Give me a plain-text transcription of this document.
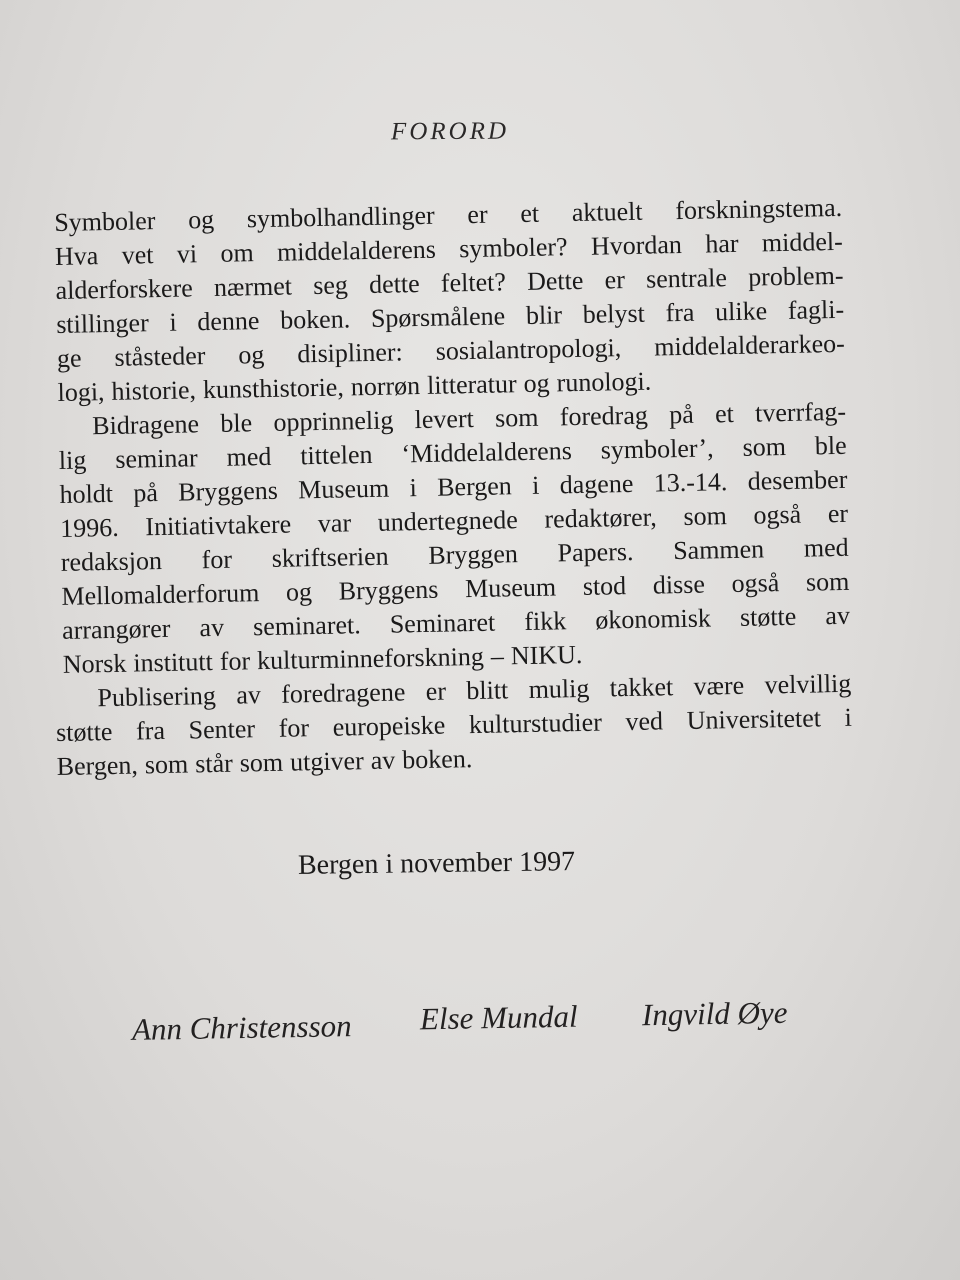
FORORD
Symboler og symbolhandlinger er et aktuelt forskningstema.
Hva vet vi om middelalderens symboler? Hvordan har middel-
alderforskere nærmet seg dette feltet? Dette er sentrale problem-
stillinger i denne boken. Spørsmålene blir belyst fra ulike fagli-
ge ståsteder og disipliner: sosialantropologi, middelalderarkeo-
logi, historie, kunsthistorie, norrøn litteratur og runologi.
Bidragene ble opprinnelig levert som foredrag på et tverrfag-
lig seminar med tittelen ‘Middelalderens symboler’, som ble
holdt på Bryggens Museum i Bergen i dagene 13.-14. desember
1996. Initiativtakere var undertegnede redaktører, som også er
redaksjon for skriftserien Bryggen Papers. Sammen med
Mellomalderforum og Bryggens Museum stod disse også som
arrangører av seminaret. Seminaret fikk økonomisk støtte av
Norsk institutt for kulturminneforskning – NIKU.
Publisering av foredragene er blitt mulig takket være velvillig
støtte fra Senter for europeiske kulturstudier ved Universitetet i
Bergen, som står som utgiver av boken.
Bergen i november 1997
Ann Christensson Else Mundal Ingvild Øye
